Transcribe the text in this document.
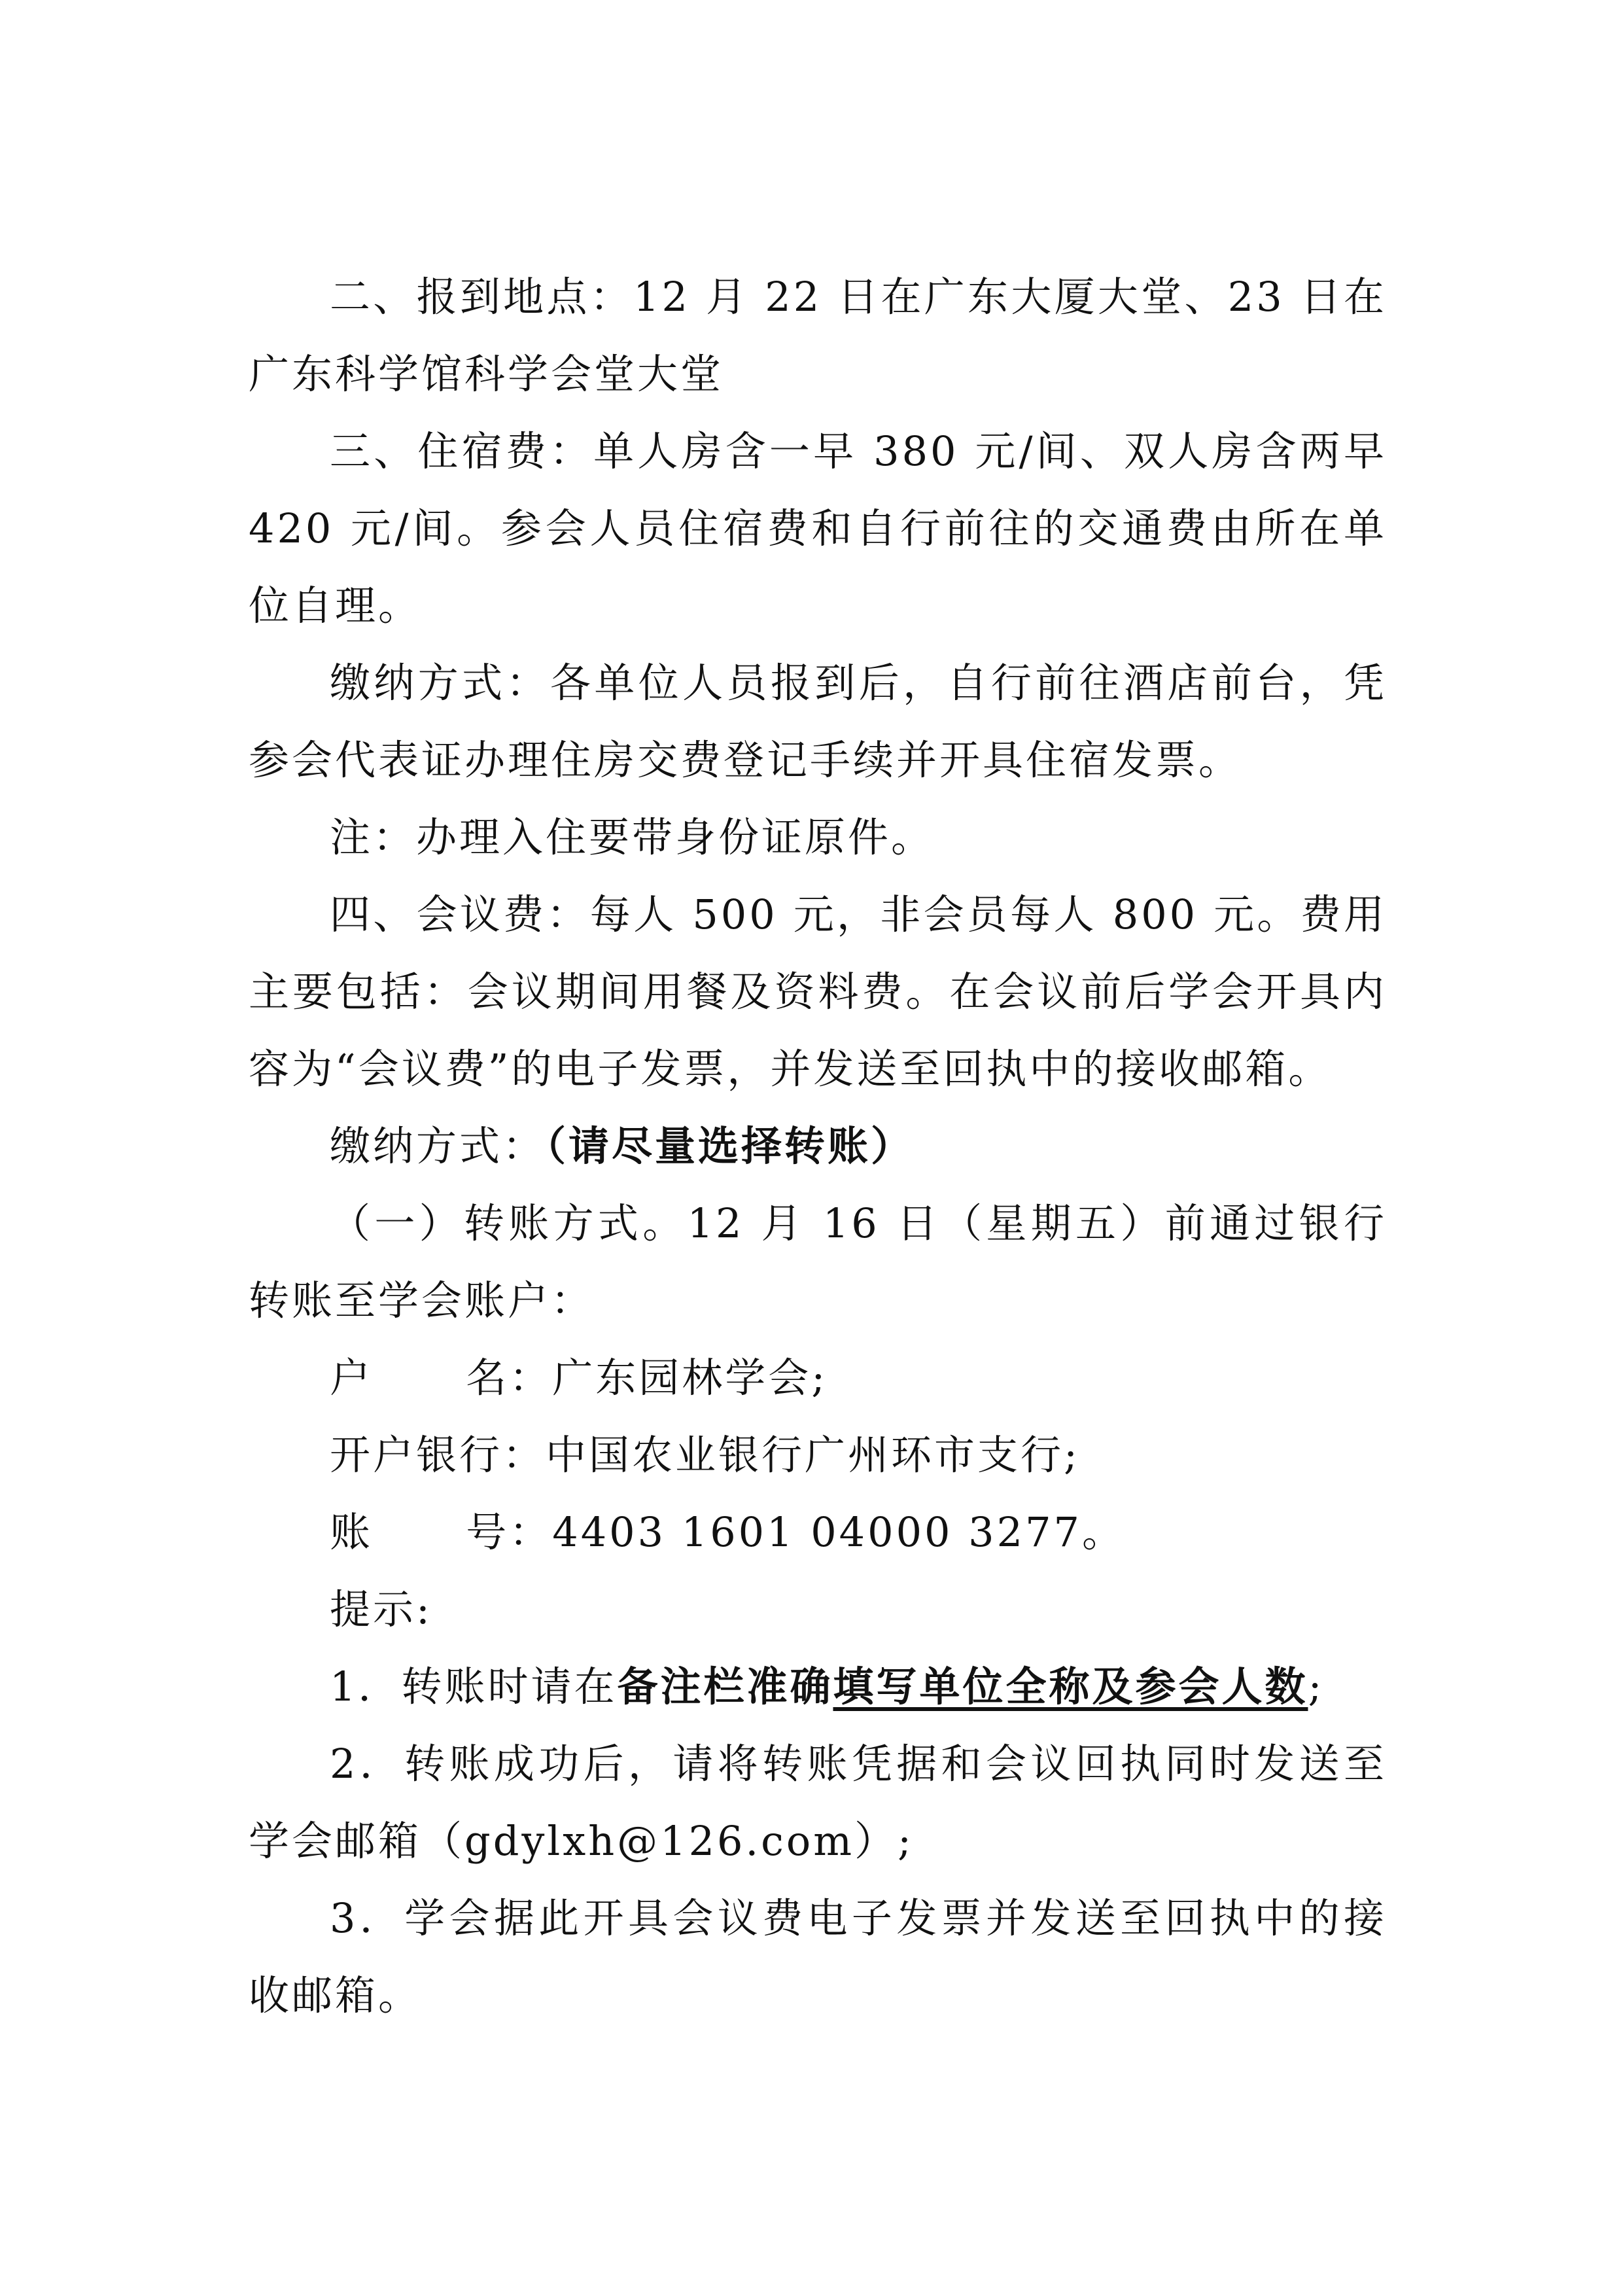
二、报到地点：12 月 22 日在广东大厦大堂、23 日在广东科学馆科学会堂大堂

三、住宿费：单人房含一早 380 元/间、双人房含两早 420 元/间。参会人员住宿费和自行前往的交通费由所在单位自理。

缴纳方式：各单位人员报到后，自行前往酒店前台，凭参会代表证办理住房交费登记手续并开具住宿发票。

注：办理入住要带身份证原件。

四、会议费：每人 500 元，非会员每人 800 元。费用主要包括：会议期间用餐及资料费。在会议前后学会开具内容为“会议费”的电子发票，并发送至回执中的接收邮箱。

缴纳方式：（请尽量选择转账）

（一）转账方式。12 月 16 日（星期五）前通过银行转账至学会账户：

户      名：广东园林学会;
开户银行：中国农业银行广州环市支行;
账      号：4403 1601 04000 3277。
提示:

1．转账时请在备注栏准确填写单位全称及参会人数;

2．转账成功后，请将转账凭据和会议回执同时发送至学会邮箱（gdylxh@126.com）;

3．学会据此开具会议费电子发票并发送至回执中的接收邮箱。
